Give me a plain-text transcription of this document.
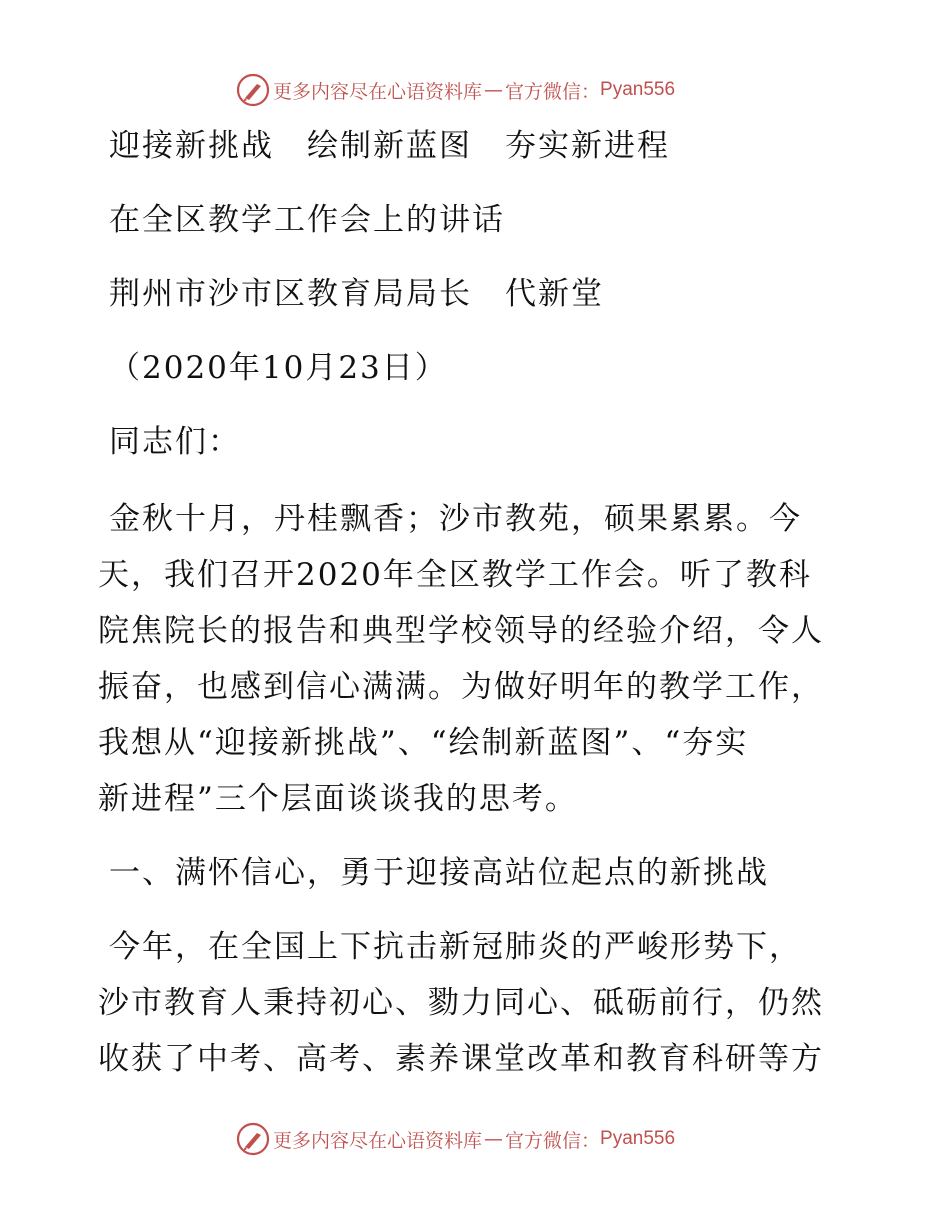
更多内容尽在心语资料库 — 官方微信： Pyan556

迎接新挑战　绘制新蓝图　夯实新进程

在全区教学工作会上的讲话

荆州市沙市区教育局局长　代新堂

（2020年10月23日）

同志们：

金秋十月，丹桂飘香；沙市教苑，硕果累累。今
天，我们召开2020年全区教学工作会。听了教科
院焦院长的报告和典型学校领导的经验介绍，令人
振奋，也感到信心满满。为做好明年的教学工作，
我想从“迎接新挑战”、“绘制新蓝图”、“夯实
新进程”三个层面谈谈我的思考。

一、满怀信心，勇于迎接高站位起点的新挑战

今年，在全国上下抗击新冠肺炎的严峻形势下，
沙市教育人秉持初心、勠力同心、砥砺前行，仍然
收获了中考、高考、素养课堂改革和教育科研等方
更多内容尽在心语资料库 — 官方微信： Pyan556
